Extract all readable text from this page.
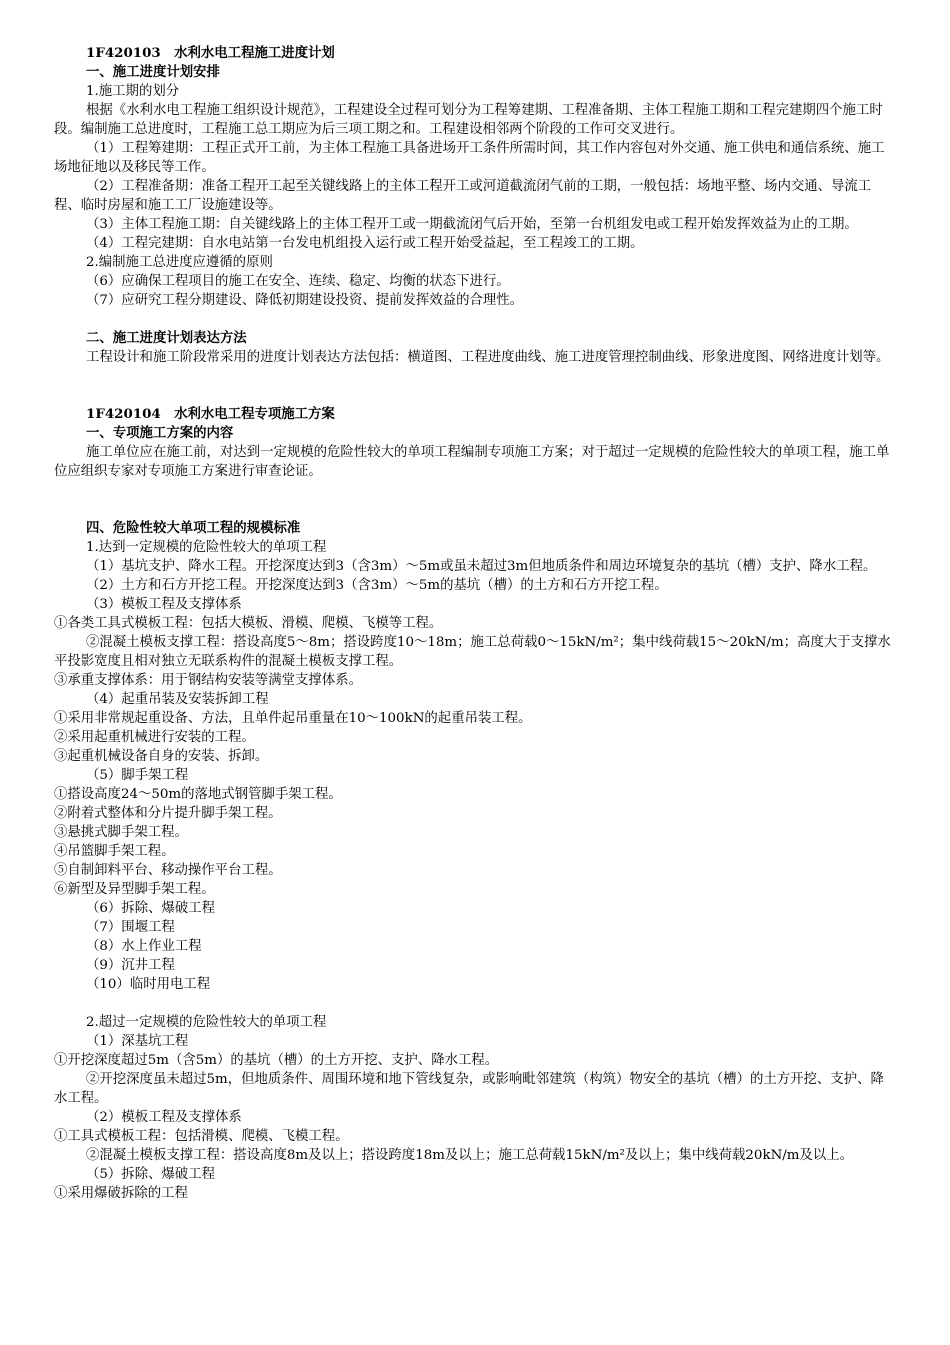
1F420103　水利水电工程施工进度计划
一、施工进度计划安排
1.施工期的划分
根据《水利水电工程施工组织设计规范》，工程建设全过程可划分为工程筹建期、工程准备期、主体工程施工期和工程完建期四个施工时段。编制施工总进度时，工程施工总工期应为后三项工期之和。工程建设相邻两个阶段的工作可交叉进行。
（1）工程筹建期：工程正式开工前，为主体工程施工具备进场开工条件所需时间，其工作内容包对外交通、施工供电和通信系统、施工场地征地以及移民等工作。
（2）工程准备期：准备工程开工起至关键线路上的主体工程开工或河道截流闭气前的工期，一般包括：场地平整、场内交通、导流工程、临时房屋和施工工厂设施建设等。
（3）主体工程施工期：自关键线路上的主体工程开工或一期截流闭气后开始，至第一台机组发电或工程开始发挥效益为止的工期。
（4）工程完建期：自水电站第一台发电机组投入运行或工程开始受益起，至工程竣工的工期。
2.编制施工总进度应遵循的原则
（6）应确保工程项目的施工在安全、连续、稳定、均衡的状态下进行。
（7）应研究工程分期建设、降低初期建设投资、提前发挥效益的合理性。
二、施工进度计划表达方法
工程设计和施工阶段常采用的进度计划表达方法包括：横道图、工程进度曲线、施工进度管理控制曲线、形象进度图、网络进度计划等。
1F420104　水利水电工程专项施工方案
一、专项施工方案的内容
施工单位应在施工前，对达到一定规模的危险性较大的单项工程编制专项施工方案；对于超过一定规模的危险性较大的单项工程，施工单位应组织专家对专项施工方案进行审查论证。
四、危险性较大单项工程的规模标准
1.达到一定规模的危险性较大的单项工程
（1）基坑支护、降水工程。开挖深度达到3（含3m）～5m或虽未超过3m但地质条件和周边环境复杂的基坑（槽）支护、降水工程。
（2）土方和石方开挖工程。开挖深度达到3（含3m）～5m的基坑（槽）的土方和石方开挖工程。
（3）模板工程及支撑体系
①各类工具式模板工程：包括大模板、滑模、爬模、飞模等工程。
②混凝土模板支撑工程：搭设高度5～8m；搭设跨度10～18m；施工总荷载0～15kN/m²；集中线荷载15～20kN/m；高度大于支撑水平投影宽度且相对独立无联系构件的混凝土模板支撑工程。
③承重支撑体系：用于钢结构安装等满堂支撑体系。
（4）起重吊装及安装拆卸工程
①采用非常规起重设备、方法，且单件起吊重量在10～100kN的起重吊装工程。
②采用起重机械进行安装的工程。
③起重机械设备自身的安装、拆卸。
（5）脚手架工程
①搭设高度24～50m的落地式钢管脚手架工程。
②附着式整体和分片提升脚手架工程。
③悬挑式脚手架工程。
④吊篮脚手架工程。
⑤自制卸料平台、移动操作平台工程。
⑥新型及异型脚手架工程。
（6）拆除、爆破工程
（7）围堰工程
（8）水上作业工程
（9）沉井工程
（10）临时用电工程
2.超过一定规模的危险性较大的单项工程
（1）深基坑工程
①开挖深度超过5m（含5m）的基坑（槽）的土方开挖、支护、降水工程。
②开挖深度虽未超过5m，但地质条件、周围环境和地下管线复杂，或影响毗邻建筑（构筑）物安全的基坑（槽）的土方开挖、支护、降水工程。
（2）模板工程及支撑体系
①工具式模板工程：包括滑模、爬模、飞模工程。
②混凝土模板支撑工程：搭设高度8m及以上；搭设跨度18m及以上；施工总荷载15kN/m²及以上；集中线荷载20kN/m及以上。
（5）拆除、爆破工程
①采用爆破拆除的工程
